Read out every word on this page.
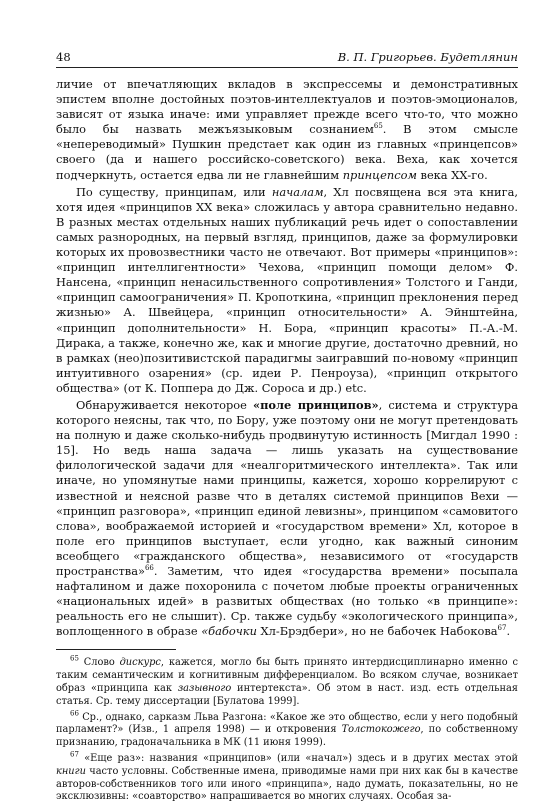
48	В. П. Григорьев. Будетлянин

личие от впечатляющих вкладов в экспрессемы и демонстративных эпистем вполне достойных поэтов-интеллектуалов и поэтов-эмоционалов, зависят от языка иначе: ими управляет прежде всего что-то, что можно было бы назвать межъязыковым сознанием$^{65}$. В этом смысле «непереводимый» Пушкин предстает как один из главных «принцепсов» своего (да и нашего российско-советского) века. Веха, как хочется подчеркнуть, остается едва ли не главнейшим принцепсом века ХХ-го.

По существу, принципам, или началам, Хл посвящена вся эта книга, хотя идея «принципов ХХ века» сложилась у автора сравнительно недавно. В разных местах отдельных наших публикаций речь идет о сопоставлении самых разнородных, на первый взгляд, принципов, даже за формулировки которых их провозвестники часто не отвечают. Вот примеры «принципов»: «принцип интеллигентности» Чехова, «принцип помощи делом» Ф. Нансена, «принцип ненасильственного сопротивления» Толстого и Ганди, «принцип самоограничения» П. Кропоткина, «принцип преклонения перед жизнью» А. Швейцера, «принцип относительности» А. Эйнштейна, «принцип дополнительности» Н. Бора, «принцип красоты» П.-А.-М. Дирака, а также, конечно же, как и многие другие, достаточно древний, но в рамках (нео)позитивистской парадигмы заигравший по-новому «принцип интуитивного озарения» (ср. идеи Р. Пенроуза), «принцип открытого общества» (от К. Поппера до Дж. Сороса и др.) etc.

Обнаруживается некоторое «поле принципов», система и структура которого неясны, так что, по Бору, уже поэтому они не могут претендовать на полную и даже сколько-нибудь продвинутую истинность [Мигдал 1990 : 15]. Но ведь наша задача — лишь указать на существование филологической задачи для «неалгоритмического интеллекта». Так или иначе, но упомянутые нами принципы, кажется, хорошо коррелируют с известной и неясной разве что в деталях системой принципов Вехи — «принцип разговора», «принцип единой левизны», принципом «самовитого слова», воображаемой историей и «государством времени» Хл, которое в поле его принципов выступает, если угодно, как важный синоним всеобщего «гражданского общества», независимого от «государств пространства»$^{66}$. Заметим, что идея «государства времени» посыпала нафталином и даже похоронила с почетом любые проекты ограниченных «национальных идей» в развитых обществах (но только «в принципе»: реальность его не слышит). Ср. также судьбу «экологического принципа», воплощенного в образе «бабочки Хл-Брэдбери», но не бабочек Набокова$^{67}$.

$^{65}$ Слово дискурс, кажется, могло бы быть принято интердисциплинарно именно с таким семантическим и когнитивным дифференциалом. Во всяком случае, возникает образ «принципа как зазывного интертекста». Об этом в наст. изд. есть отдельная статья. Ср. тему диссертации [Булатова 1999].

$^{66}$ Ср., однако, сарказм Льва Разгона: «Какое же это общество, если у него подобный парламент?» (Изв., 1 апреля 1998) — и откровения Толстокожего, по собственному признанию, градоначальника в МК (11 июня 1999).

$^{67}$ «Еще раз»: названия «принципов» (или «начал») здесь и в других местах этой книги часто условны. Собственные имена, приводимые нами при них как бы в качестве авторов-собственников того или иного «принципа», надо думать, показательны, но не эксклюзивны: «соавторство» напрашивается во многих случаях. Особая за-
